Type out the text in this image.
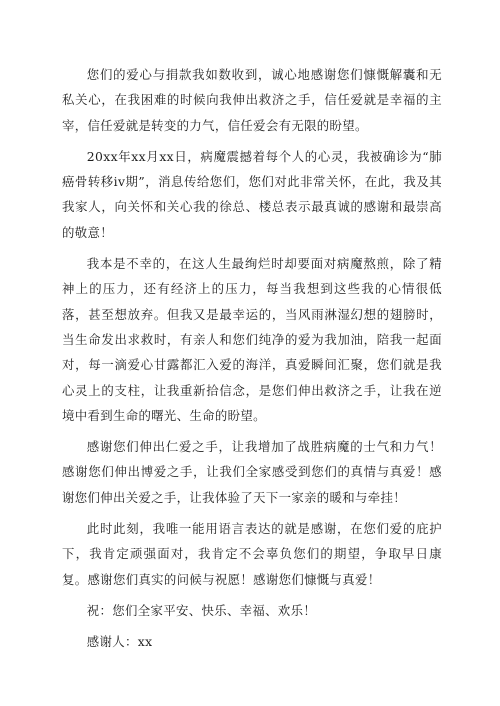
您们的爱心与捐款我如数收到，诚心地感谢您们慷慨解囊和无私关心，在我困难的时候向我伸出救济之手，信任爱就是幸福的主宰，信任爱就是转变的力气，信任爱会有无限的盼望。

20xx年xx月xx日，病魔震撼着每个人的心灵，我被确诊为“肺癌骨转移iv期”，消息传给您们，您们对此非常关怀，在此，我及其我家人，向关怀和关心我的徐总、楼总表示最真诚的感谢和最崇高的敬意！

我本是不幸的，在这人生最绚烂时却要面对病魔熬煎，除了精神上的压力，还有经济上的压力，每当我想到这些我的心情很低落，甚至想放弃。但我又是最幸运的，当风雨淋湿幻想的翅膀时，当生命发出求救时，有亲人和您们纯净的爱为我加油，陪我一起面对，每一滴爱心甘露都汇入爱的海洋，真爱瞬间汇聚，您们就是我心灵上的支柱，让我重新拾信念，是您们伸出救济之手，让我在逆境中看到生命的曙光、生命的盼望。

感谢您们伸出仁爱之手，让我增加了战胜病魔的士气和力气！感谢您们伸出博爱之手，让我们全家感受到您们的真情与真爱！感谢您们伸出关爱之手，让我体验了天下一家亲的暖和与牵挂！

此时此刻，我唯一能用语言表达的就是感谢，在您们爱的庇护下，我肯定顽强面对，我肯定不会辜负您们的期望，争取早日康复。感谢您们真实的问候与祝愿！感谢您们慷慨与真爱！

祝：您们全家平安、快乐、幸福、欢乐！

感谢人：xx
